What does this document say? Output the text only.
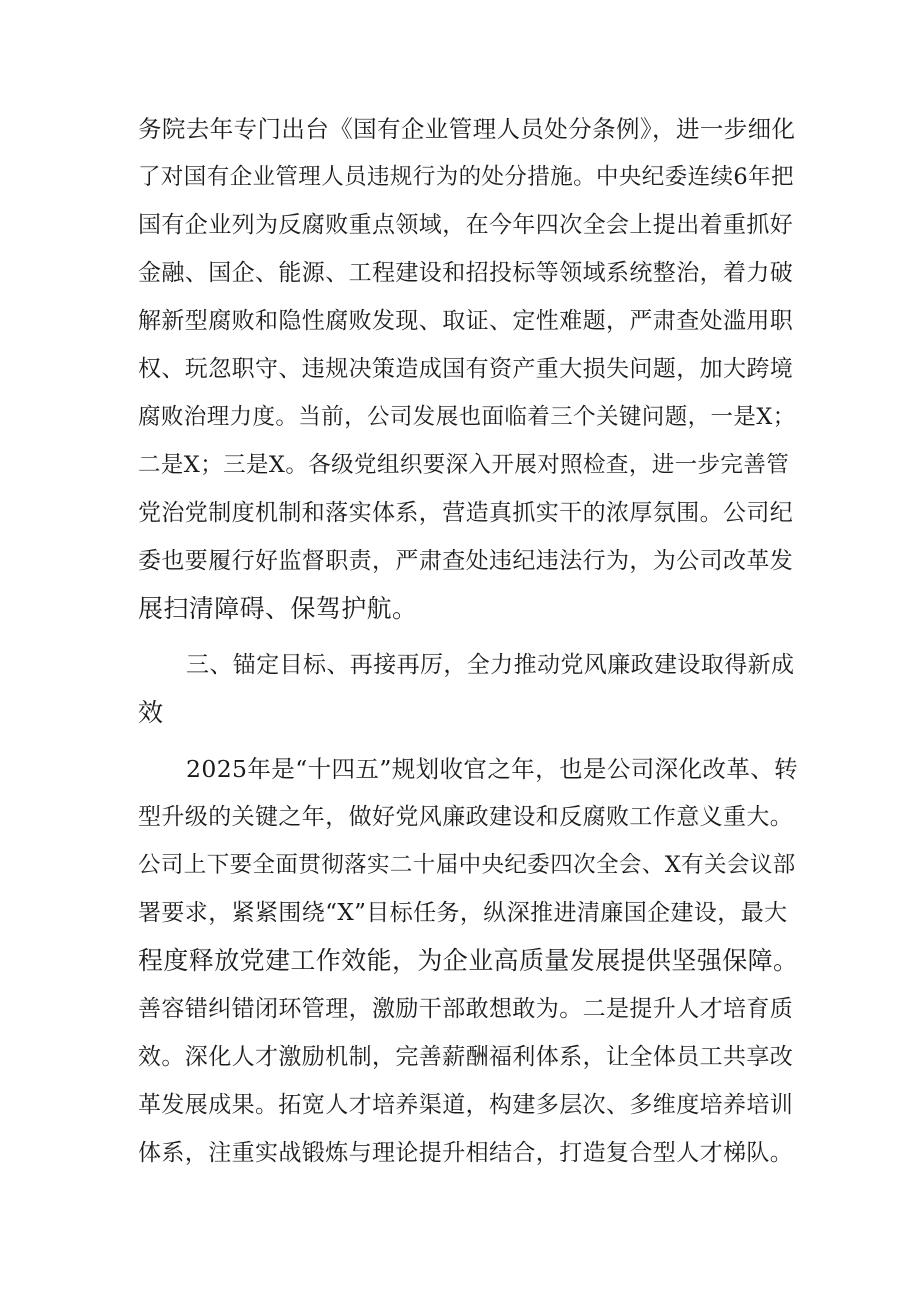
务院去年专门出台《国有企业管理人员处分条例》，进一步细化
了对国有企业管理人员违规行为的处分措施。中央纪委连续6年把
国有企业列为反腐败重点领域，在今年四次全会上提出着重抓好
金融、国企、能源、工程建设和招投标等领域系统整治，着力破
解新型腐败和隐性腐败发现、取证、定性难题，严肃查处滥用职
权、玩忽职守、违规决策造成国有资产重大损失问题，加大跨境
腐败治理力度。当前，公司发展也面临着三个关键问题，一是X；
二是X；三是X。各级党组织要深入开展对照检查，进一步完善管
党治党制度机制和落实体系，营造真抓实干的浓厚氛围。公司纪
委也要履行好监督职责，严肃查处违纪违法行为，为公司改革发
展扫清障碍、保驾护航。
三、锚定目标、再接再厉，全力推动党风廉政建设取得新成
效
2025年是“十四五”规划收官之年，也是公司深化改革、转
型升级的关键之年，做好党风廉政建设和反腐败工作意义重大。
公司上下要全面贯彻落实二十届中央纪委四次全会、X有关会议部
署要求，紧紧围绕“X”目标任务，纵深推进清廉国企建设，最大
程度释放党建工作效能，为企业高质量发展提供坚强保障。
善容错纠错闭环管理，激励干部敢想敢为。二是提升人才培育质
效。深化人才激励机制，完善薪酬福利体系，让全体员工共享改
革发展成果。拓宽人才培养渠道，构建多层次、多维度培养培训
体系，注重实战锻炼与理论提升相结合，打造复合型人才梯队。
